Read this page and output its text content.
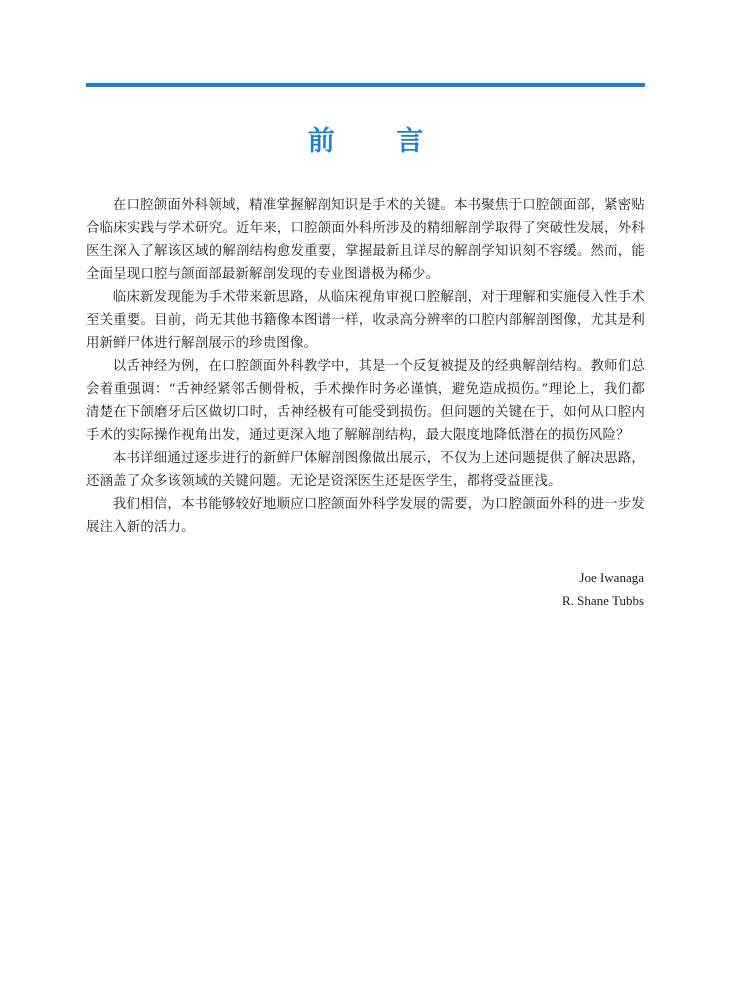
前 言

在口腔颌面外科领域，精准掌握解剖知识是手术的关键。本书聚焦于口腔颌面部，紧密贴合临床实践与学术研究。近年来，口腔颌面外科所涉及的精细解剖学取得了突破性发展，外科医生深入了解该区域的解剖结构愈发重要，掌握最新且详尽的解剖学知识刻不容缓。然而，能全面呈现口腔与颌面部最新解剖发现的专业图谱极为稀少。

临床新发现能为手术带来新思路，从临床视角审视口腔解剖，对于理解和实施侵入性手术至关重要。目前，尚无其他书籍像本图谱一样，收录高分辨率的口腔内部解剖图像，尤其是利用新鲜尸体进行解剖展示的珍贵图像。

以舌神经为例，在口腔颌面外科教学中，其是一个反复被提及的经典解剖结构。教师们总会着重强调：“舌神经紧邻舌侧骨板，手术操作时务必谨慎，避免造成损伤。”理论上，我们都清楚在下颌磨牙后区做切口时，舌神经极有可能受到损伤。但问题的关键在于，如何从口腔内手术的实际操作视角出发，通过更深入地了解解剖结构，最大限度地降低潜在的损伤风险？

本书详细通过逐步进行的新鲜尸体解剖图像做出展示，不仅为上述问题提供了解决思路，还涵盖了众多该领域的关键问题。无论是资深医生还是医学生，都将受益匪浅。

我们相信，本书能够较好地顺应口腔颌面外科学发展的需要，为口腔颌面外科的进一步发展注入新的活力。

Joe Iwanaga
R. Shane Tubbs
